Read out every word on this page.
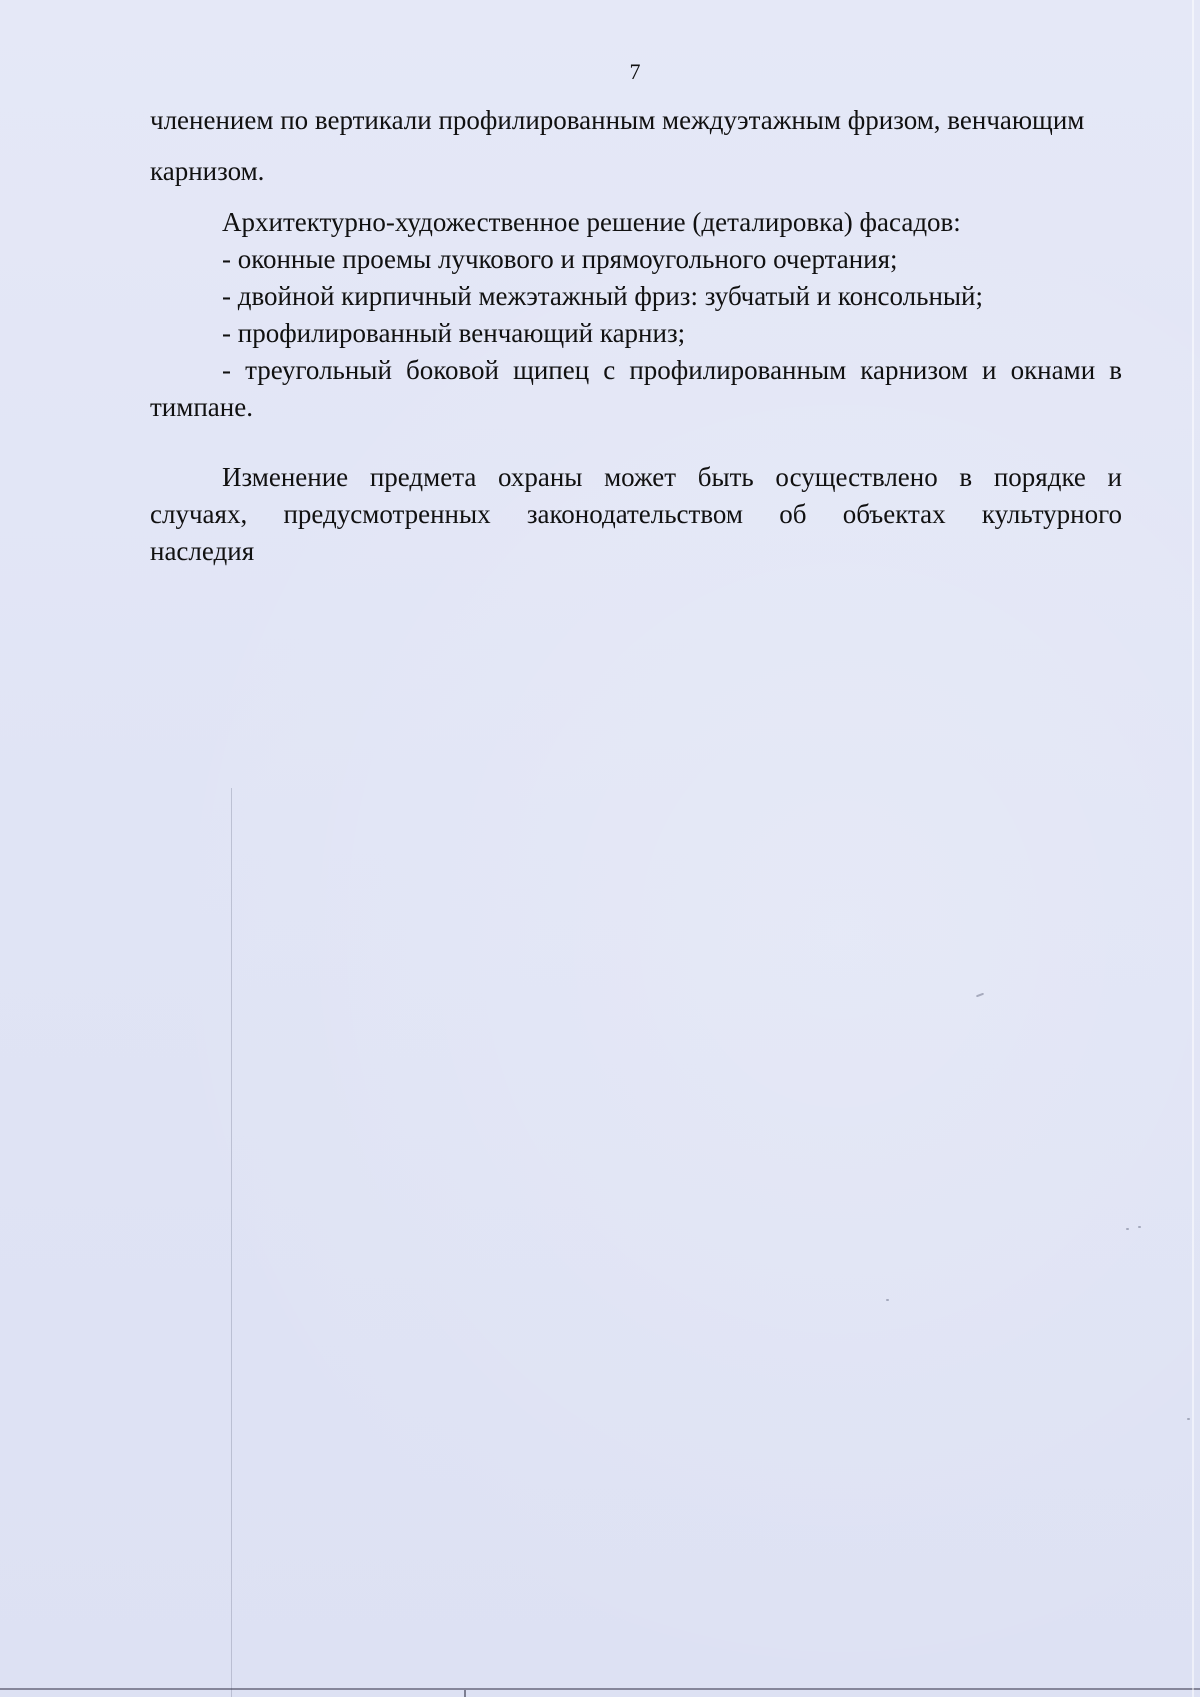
7
членением по вертикали профилированным междуэтажным фризом, венчающим
карнизом.
Архитектурно-художественное решение (деталировка) фасадов:
- оконные проемы лучкового и прямоугольного очертания;
- двойной кирпичный межэтажный фриз: зубчатый и консольный;
- профилированный венчающий карниз;
- треугольный боковой щипец с профилированным карнизом и окнами в
тимпане.
Изменение предмета охраны может быть осуществлено в порядке и
случаях, предусмотренных законодательством об объектах культурного
наследия
